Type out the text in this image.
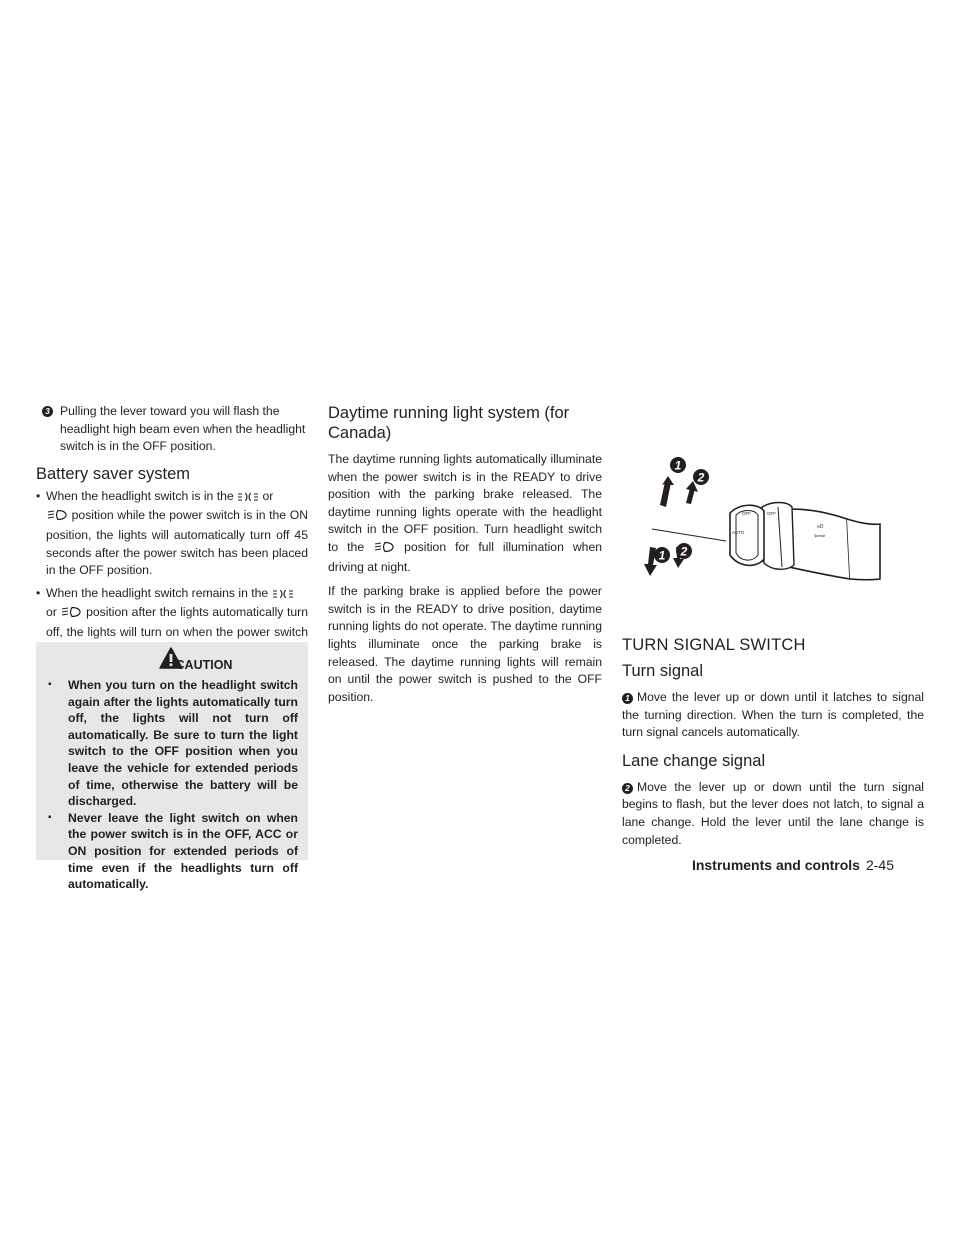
3 Pulling the lever toward you will flash the headlight high beam even when the headlight switch is in the OFF position.
Battery saver system
• When the headlight switch is in the or
position while the power switch is in the ON position, the lights will automatically turn off 45 seconds after the power switch has been placed in the OFF position.
• When the headlight switch remains in the
or position after the lights automatically turn off, the lights will turn on when the power switch
CAUTION
▪ When you turn on the headlight switch again after the lights automatically turn off, the lights will not turn off automatically. Be sure to turn the light switch to the OFF position when you leave the vehicle for extended periods of time, otherwise the battery will be discharged.
▪ Never leave the light switch on when the power switch is in the OFF, ACC or ON position for extended periods of time even if the headlights turn off automatically.
Daytime running light system (for Canada)

The daytime running lights automatically illuminate when the power switch is in the READY to drive position with the parking brake released. The daytime running lights operate with the headlight switch in the OFF position. Turn headlight switch to the	position for full illumination when driving at night.

If the parking brake is applied before the power switch is in the READY to drive position, daytime running lights do not operate. The daytime running lights illuminate once the parking brake is released. The daytime running lights will remain on until the power switch is pushed to the OFF position.

OFF
AUTO
OFF
≡D
⇦⇨
1
2
1 2
TURN SIGNAL SWITCH
Turn signal

1 Move the lever up or down until it latches to signal the turning direction. When the turn is completed, the turn signal cancels automatically.

Lane change signal

2 Move the lever up or down until the turn signal begins to flash, but the lever does not latch, to signal a lane change. Hold the lever until the lane change is completed.

Instruments and controls 2-45
